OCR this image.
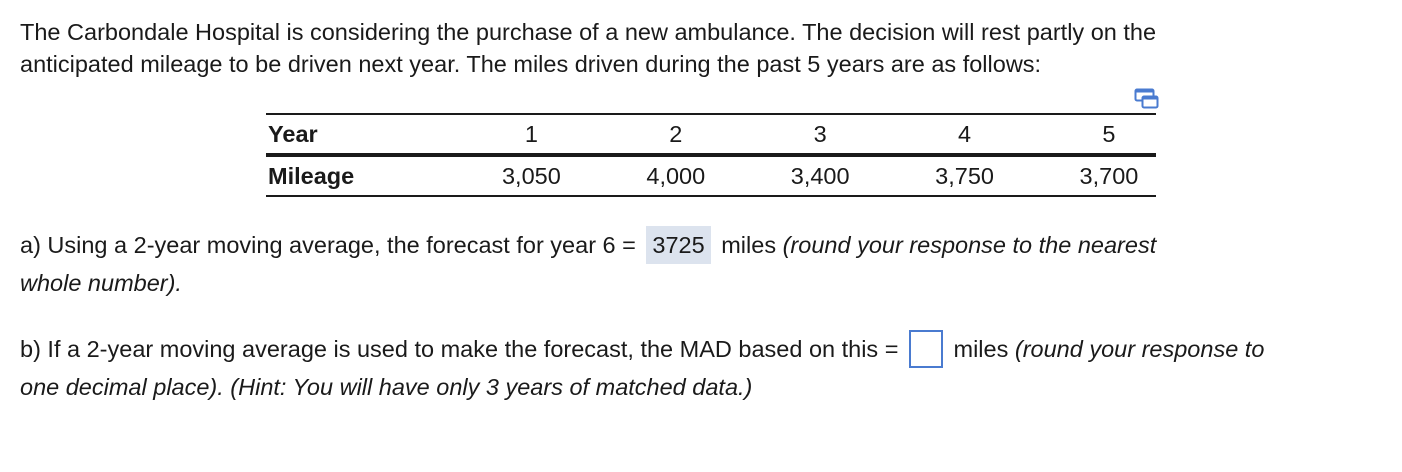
The Carbondale Hospital is considering the purchase of a new ambulance. The decision will rest partly on the
anticipated mileage to be driven next year. The miles driven during the past 5 years are as follows:
Year	1	2	3	4	5
Mileage	3,050	4,000	3,400	3,750	3,700
a) Using a 2-year moving average, the forecast for year 6 = 3725 miles (round your response to the nearest
whole number).
b) If a 2-year moving average is used to make the forecast, the MAD based on this = miles (round your response to
one decimal place). (Hint: You will have only 3 years of matched data.)
